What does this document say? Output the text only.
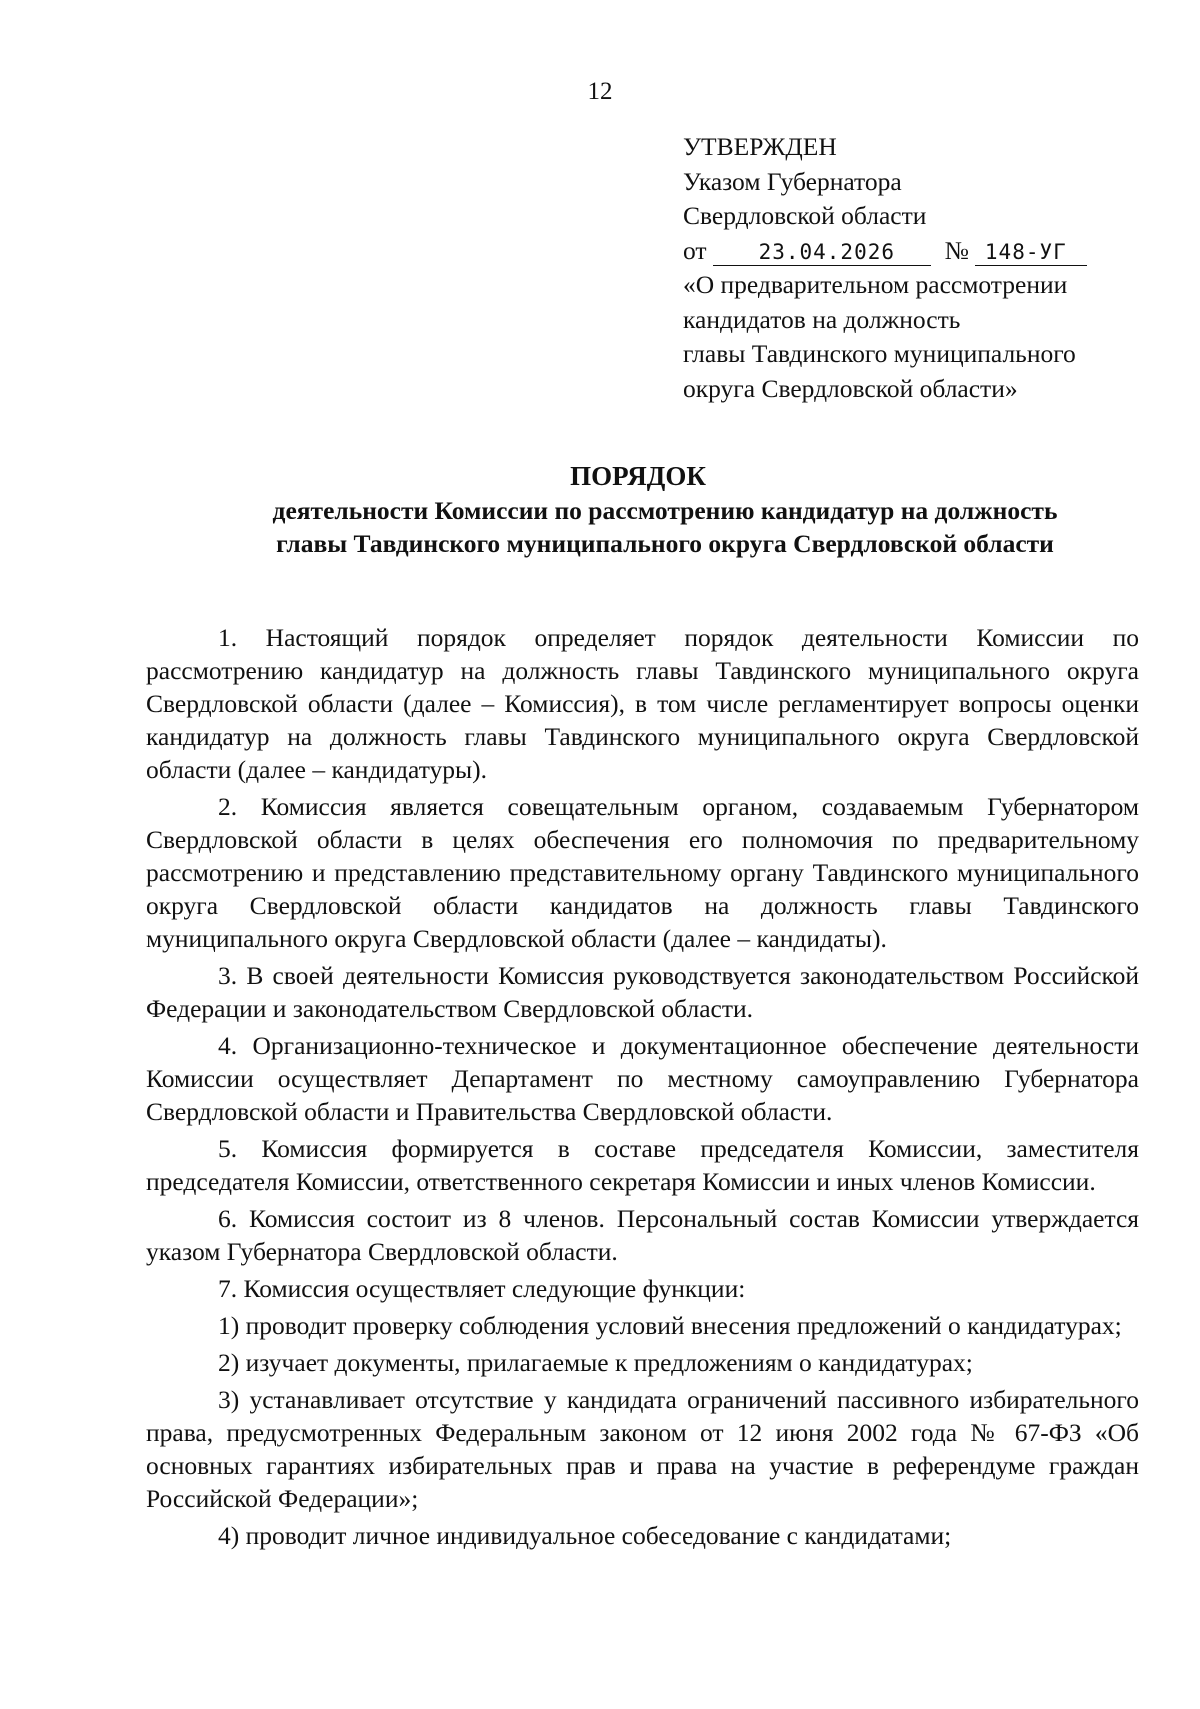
12
УТВЕРЖДЕН
Указом Губернатора
Свердловской области
от 23.04.2026 № 148-УГ
«О предварительном рассмотрении
кандидатов на должность
главы Тавдинского муниципального
округа Свердловской области»
ПОРЯДОК
деятельности Комиссии по рассмотрению кандидатур на должность
главы Тавдинского муниципального округа Свердловской области

1. Настоящий порядок определяет порядок деятельности Комиссии по рассмотрению кандидатур на должность главы Тавдинского муниципального округа Свердловской области (далее – Комиссия), в том числе регламентирует вопросы оценки кандидатур на должность главы Тавдинского муниципального округа Свердловской области (далее – кандидатуры).

2. Комиссия является совещательным органом, создаваемым Губернатором Свердловской области в целях обеспечения его полномочия по предварительному рассмотрению и представлению представительному органу Тавдинского муниципального округа Свердловской области кандидатов на должность главы Тавдинского муниципального округа Свердловской области (далее – кандидаты).

3. В своей деятельности Комиссия руководствуется законодательством Российской Федерации и законодательством Свердловской области.

4. Организационно-техническое и документационное обеспечение деятельности Комиссии осуществляет Департамент по местному самоуправлению Губернатора Свердловской области и Правительства Свердловской области.

5. Комиссия формируется в составе председателя Комиссии, заместителя председателя Комиссии, ответственного секретаря Комиссии и иных членов Комиссии.

6. Комиссия состоит из 8 членов. Персональный состав Комиссии утверждается указом Губернатора Свердловской области.

7. Комиссия осуществляет следующие функции:

1) проводит проверку соблюдения условий внесения предложений о кандидатурах;

2) изучает документы, прилагаемые к предложениям о кандидатурах;

3) устанавливает отсутствие у кандидата ограничений пассивного избирательного права, предусмотренных Федеральным законом от 12 июня 2002 года № 67-ФЗ «Об основных гарантиях избирательных прав и права на участие в референдуме граждан Российской Федерации»;

4) проводит личное индивидуальное собеседование с кандидатами;
